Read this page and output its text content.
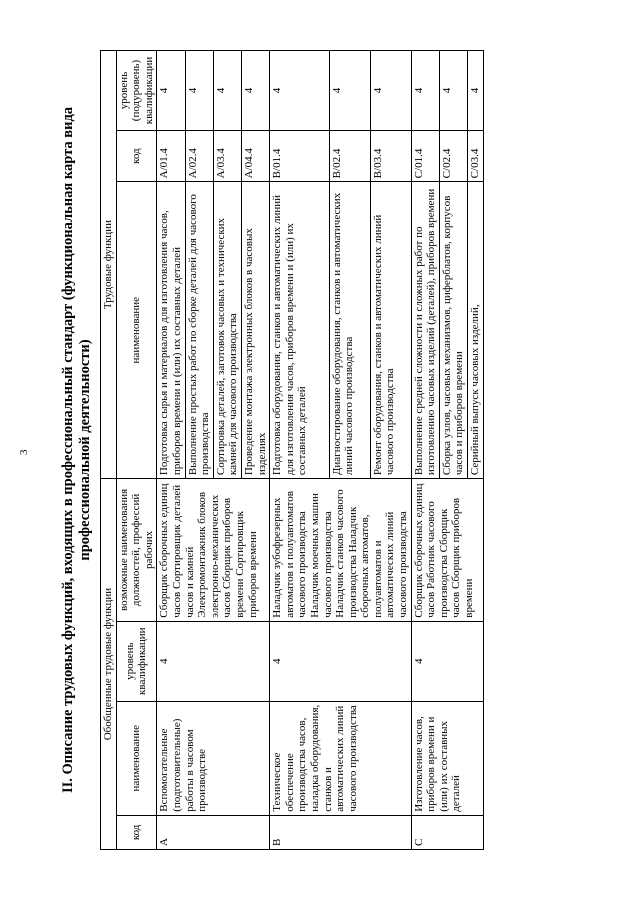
3 II. Описание трудовых функций, входящих в профессиональный стандарт (функциональная карта вида профессиональной деятельности)
Обобщенные трудовые функции				Трудовые функции		
код	наименование	уровень квалификации	возможные наименования должностей, профессий рабочих	наименование	код	уровень (подуровень) квалификации
A	Вспомогательные (подготовительные) работы в часовом производстве	4	Сборщик сборочных единиц часов Сортировщик деталей часов и камней Электромонтажник блоков электронно-механических часов Сборщик приборов времени Сортировщик приборов времени	Подготовка сырья и материалов для изготовления часов, приборов времени и (или) их составных деталей	A/01.4	4
				Выполнение простых работ по сборке деталей для часового производства	A/02.4	4
				Сортировка деталей, заготовок часовых и технических камней для часового производства	A/03.4	4
				Проведение монтажа электронных блоков в часовых изделиях	A/04.4	4
B	Техническое обеспечение производства часов, наладка оборудования, станков и автоматических линий часового производства	4	Наладчик зубофрезерных автоматов и полуавтоматов часового производства Наладчик моечных машин часового производства Наладчик станков часового производства Наладчик сборочных автоматов, полуавтоматов и автоматических линий часового производства	Подготовка оборудования, станков и автоматических линий для изготовления часов, приборов времени и (или) их составных деталей	B/01.4	4
				Диагностирование оборудования, станков и автоматических линий часового производства	B/02.4	4
				Ремонт оборудования, станков и автоматических линий часового производства	B/03.4	4
C	Изготовление часов, приборов времени и (или) их составных деталей	4	Сборщик сборочных единиц часов Работник часового производства Сборщик часов Сборщик приборов времени	Выполнение средней сложности и сложных работ по изготовлению часовых изделий (деталей), приборов времени	C/01.4	4
				Сборка узлов, часовых механизмов, циферблатов, корпусов часов и приборов времени	C/02.4	4
				Серийный выпуск часовых изделий,	C/03.4	4
